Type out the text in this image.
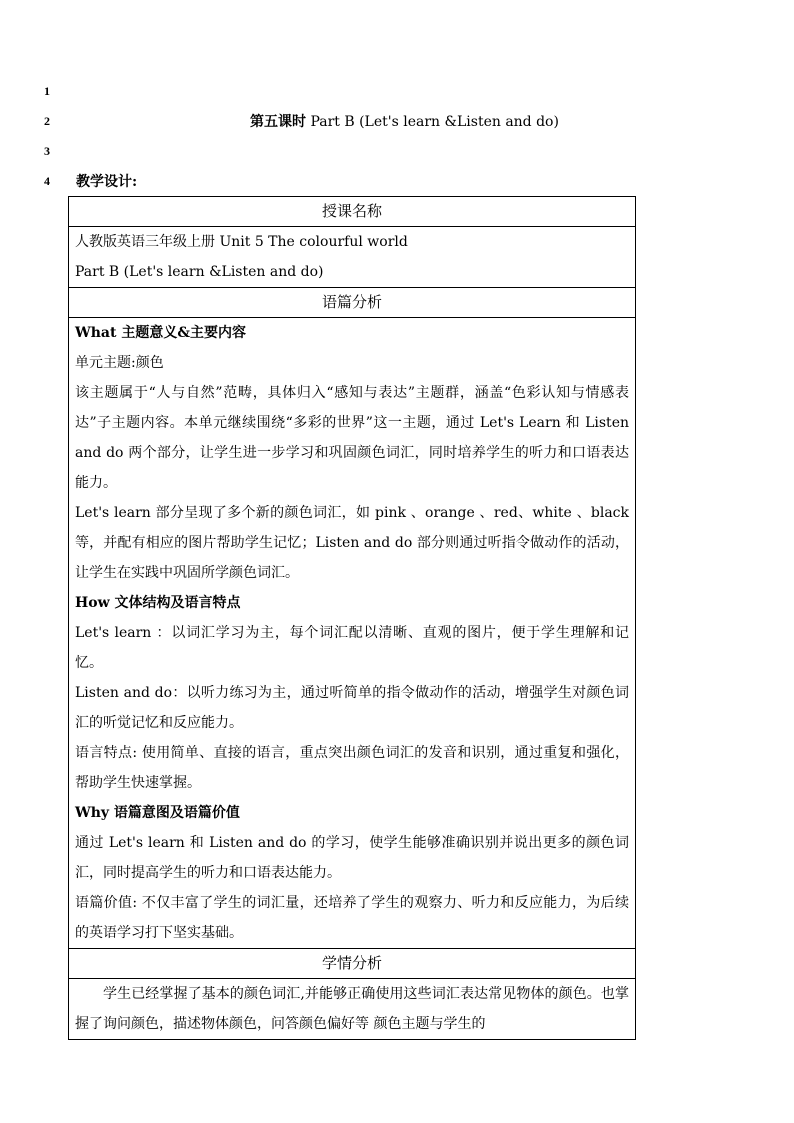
1
2
3
4
第五课时 Part B (Let's learn &Listen and do)
教学设计:
授课名称

人教版英语三年级上册 Unit 5 The colourful world

Part B (Let's learn &Listen and do)

语篇分析

What 主题意义&主要内容

单元主题:颜色

该主题属于“人与自然”范畴，具体归入“感知与表达”主题群，涵盖“色彩认知与情感表达”子主题内容。本单元继续围绕“多彩的世界”这一主题，通过 Let's Learn 和 Listen and do 两个部分，让学生进一步学习和巩固颜色词汇，同时培养学生的听力和口语表达能力。

Let's learn 部分呈现了多个新的颜色词汇，如 pink 、orange 、red、white 、black 等，并配有相应的图片帮助学生记忆；Listen and do 部分则通过听指令做动作的活动，让学生在实践中巩固所学颜色词汇。

How 文体结构及语言特点

Let's learn ：以词汇学习为主，每个词汇配以清晰、直观的图片，便于学生理解和记忆。

Listen and do：以听力练习为主，通过听简单的指令做动作的活动，增强学生对颜色词汇的听觉记忆和反应能力。

语言特点: 使用简单、直接的语言，重点突出颜色词汇的发音和识别，通过重复和强化，帮助学生快速掌握。

Why 语篇意图及语篇价值

通过 Let's learn 和 Listen and do 的学习，使学生能够准确识别并说出更多的颜色词汇，同时提高学生的听力和口语表达能力。

语篇价值: 不仅丰富了学生的词汇量，还培养了学生的观察力、听力和反应能力，为后续的英语学习打下坚实基础。

学情分析

学生已经掌握了基本的颜色词汇,并能够正确使用这些词汇表达常见物体的颜色。也掌握了询问颜色，描述物体颜色，问答颜色偏好等 颜色主题与学生的
